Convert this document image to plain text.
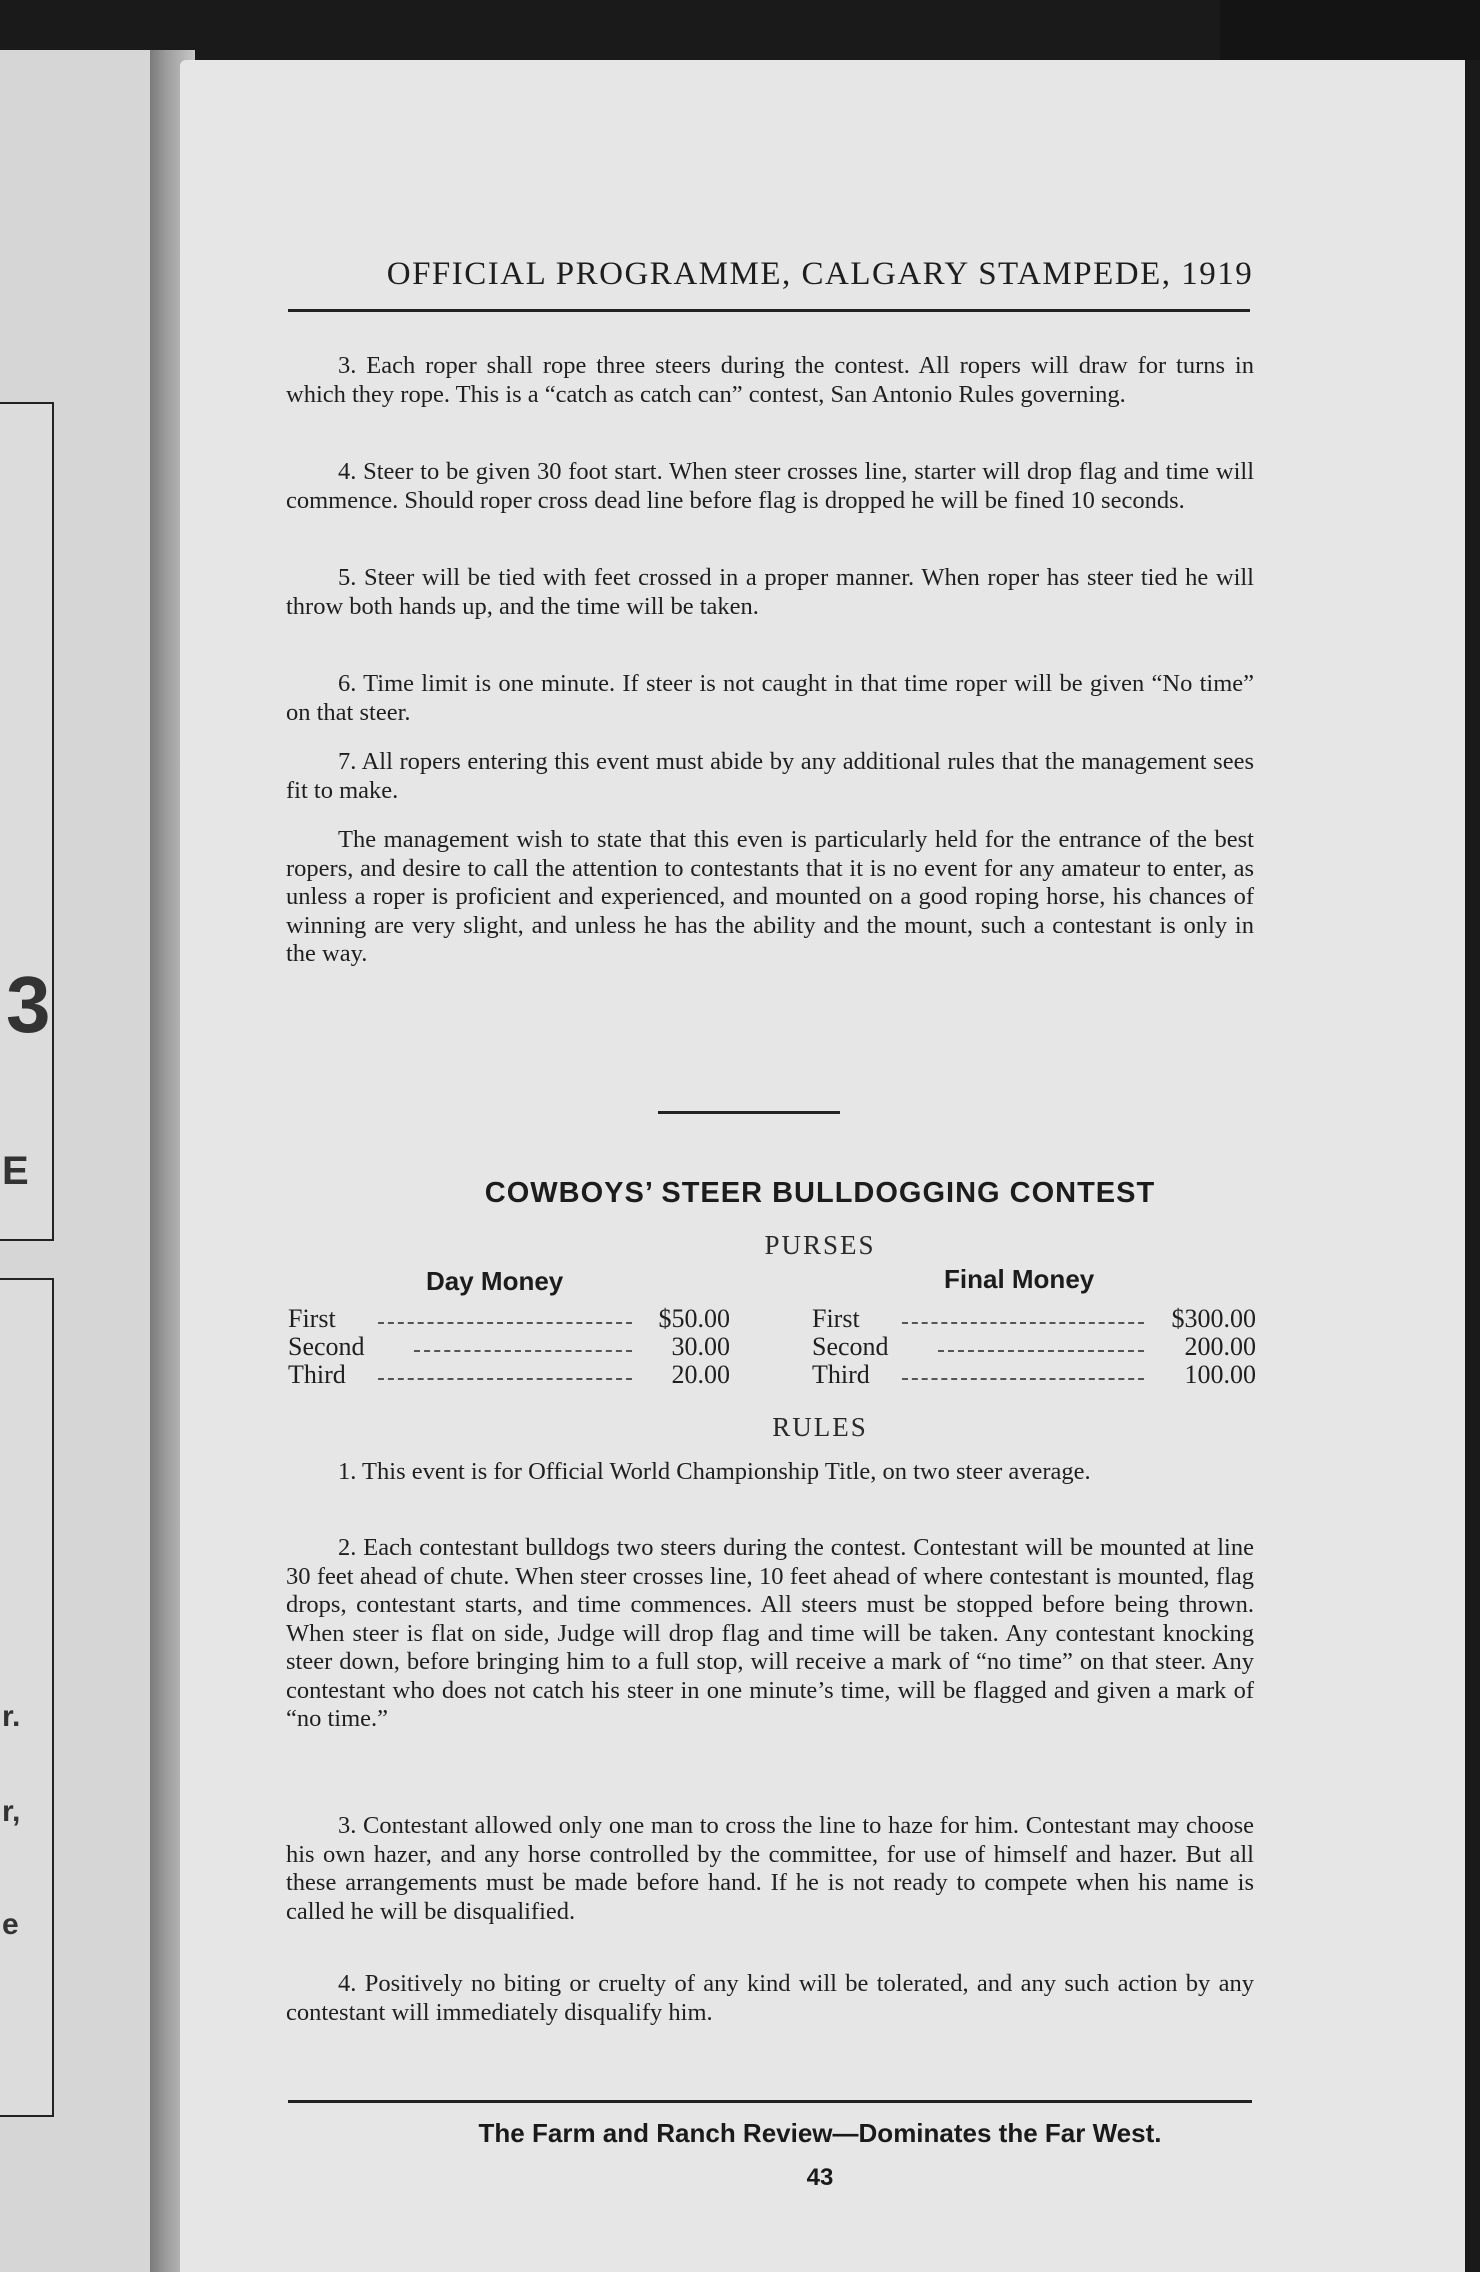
3
E
r.
r,
e
OFFICIAL PROGRAMME, CALGARY STAMPEDE, 1919

3. Each roper shall rope three steers during the contest. All ropers will draw for turns in which they rope. This is a “catch as catch can” contest, San Antonio Rules governing.

4. Steer to be given 30 foot start. When steer crosses line, starter will drop flag and time will commence. Should roper cross dead line before flag is dropped he will be fined 10 seconds.

5. Steer will be tied with feet crossed in a proper manner. When roper has steer tied he will throw both hands up, and the time will be taken.

6. Time limit is one minute. If steer is not caught in that time roper will be given “No time” on that steer.

7. All ropers entering this event must abide by any additional rules that the management sees fit to make.

The management wish to state that this even is particularly held for the entrance of the best ropers, and desire to call the attention to contestants that it is no event for any amateur to enter, as unless a roper is proficient and experienced, and mounted on a good roping horse, his chances of winning are very slight, and unless he has the ability and the mount, such a contestant is only in the way.

COWBOYS’ STEER BULLDOGGING CONTEST
PURSES
Day Money	Final Money
First	$50.00
Second	30.00
Third	20.00
First	$300.00
Second	200.00
Third	100.00
RULES

1. This event is for Official World Championship Title, on two steer average.

2. Each contestant bulldogs two steers during the contest. Contestant will be mounted at line 30 feet ahead of chute. When steer crosses line, 10 feet ahead of where contestant is mounted, flag drops, contestant starts, and time commences. All steers must be stopped before being thrown. When steer is flat on side, Judge will drop flag and time will be taken. Any contestant knocking steer down, before bringing him to a full stop, will receive a mark of “no time” on that steer. Any contestant who does not catch his steer in one minute’s time, will be flagged and given a mark of “no time.”

3. Contestant allowed only one man to cross the line to haze for him. Contestant may choose his own hazer, and any horse controlled by the committee, for use of himself and hazer. But all these arrangements must be made before hand. If he is not ready to compete when his name is called he will be disqualified.

4. Positively no biting or cruelty of any kind will be tolerated, and any such action by any contestant will immediately disqualify him.

The Farm and Ranch Review—Dominates the Far West.
43
